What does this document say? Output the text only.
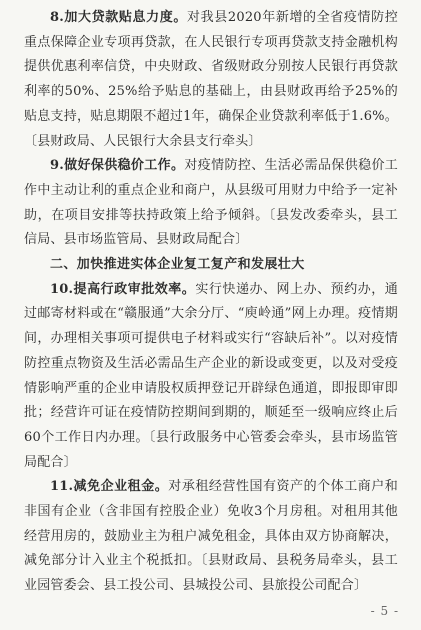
8.加大贷款贴息力度。对我县2020年新增的全省疫情防控重点保障企业专项再贷款，在人民银行专项再贷款支持金融机构提供优惠利率信贷，中央财政、省级财政分别按人民银行再贷款利率的50%、25%给予贴息的基础上，由县财政再给予25%的贴息支持，贴息期限不超过1年，确保企业贷款利率低于1.6%。〔县财政局、人民银行大余县支行牵头〕

9.做好保供稳价工作。对疫情防控、生活必需品保供稳价工作中主动让利的重点企业和商户，从县级可用财力中给予一定补助，在项目安排等扶持政策上给予倾斜。〔县发改委牵头，县工信局、县市场监管局、县财政局配合〕

二、加快推进实体企业复工复产和发展壮大

10.提高行政审批效率。实行快递办、网上办、预约办，通过邮寄材料或在“赣服通”大余分厅、“庾岭通”网上办理。疫情期间，办理相关事项可提供电子材料或实行“容缺后补”。以对疫情防控重点物资及生活必需品生产企业的新设或变更，以及对受疫情影响严重的企业申请股权质押登记开辟绿色通道，即报即审即批；经营许可证在疫情防控期间到期的，顺延至一级响应终止后60个工作日内办理。〔县行政服务中心管委会牵头，县市场监管局配合〕

11.减免企业租金。对承租经营性国有资产的个体工商户和非国有企业（含非国有控股企业）免收3个月房租。对租用其他经营用房的，鼓励业主为租户减免租金，具体由双方协商解决，减免部分计入业主个税抵扣。〔县财政局、县税务局牵头，县工业园管委会、县工投公司、县城投公司、县旅投公司配合〕

- 5 -
